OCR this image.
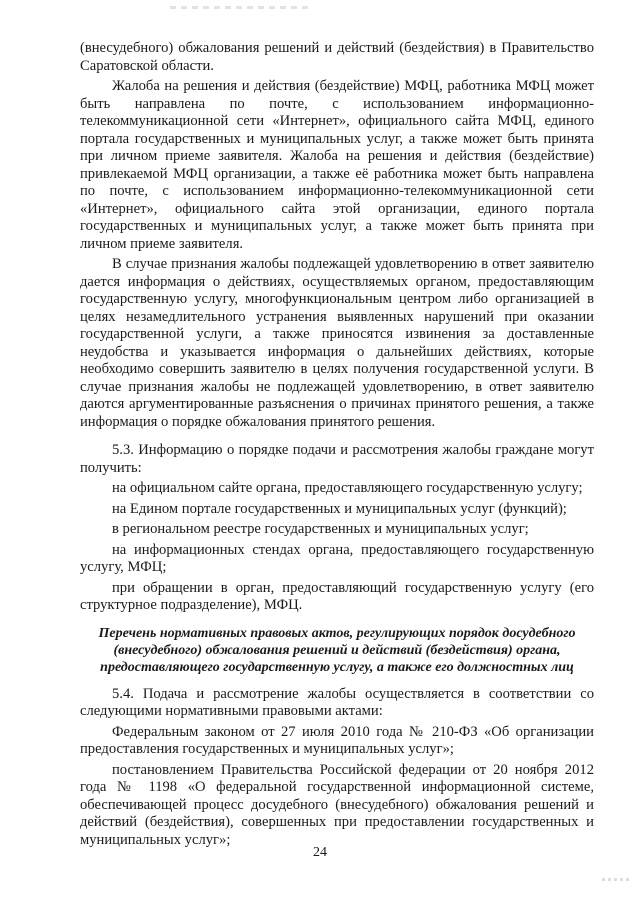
(внесудебного) обжалования решений и действий (бездействия) в Правительство Саратовской области.

Жалоба на решения и действия (бездействие) МФЦ, работника МФЦ может быть направлена по почте, с использованием информационно-телекоммуникационной сети «Интернет», официального сайта МФЦ, единого портала государственных и муниципальных услуг, а также может быть принята при личном приеме заявителя. Жалоба на решения и действия (бездействие) привлекаемой МФЦ организации, а также её работника может быть направлена по почте, с использованием информационно-телекоммуникационной сети «Интернет», официального сайта этой организации, единого портала государственных и муниципальных услуг, а также может быть принята при личном приеме заявителя.

В случае признания жалобы подлежащей удовлетворению в ответ заявителю дается информация о действиях, осуществляемых органом, предоставляющим государственную услугу, многофункциональным центром либо организацией в целях незамедлительного устранения выявленных нарушений при оказании государственной услуги, а также приносятся извинения за доставленные неудобства и указывается информация о дальнейших действиях, которые необходимо совершить заявителю в целях получения государственной услуги. В случае признания жалобы не подлежащей удовлетворению, в ответ заявителю даются аргументированные разъяснения о причинах принятого решения, а также информация о порядке обжалования принятого решения.

5.3. Информацию о порядке подачи и рассмотрения жалобы граждане могут получить:

на официальном сайте органа, предоставляющего государственную услугу;

на Едином портале государственных и муниципальных услуг (функций);

в региональном реестре государственных и муниципальных услуг;

на информационных стендах органа, предоставляющего государственную услугу, МФЦ;

при обращении в орган, предоставляющий государственную услугу (его структурное подразделение), МФЦ.

Перечень нормативных правовых актов, регулирующих порядок досудебного (внесудебного) обжалования решений и действий (бездействия) органа, предоставляющего государственную услугу, а также его должностных лиц

5.4. Подача и рассмотрение жалобы осуществляется в соответствии со следующими нормативными правовыми актами:

Федеральным законом от 27 июля 2010 года № 210-ФЗ «Об организации предоставления государственных и муниципальных услуг»;

постановлением Правительства Российской федерации от 20 ноября 2012 года № 1198 «О федеральной государственной информационной системе, обеспечивающей процесс досудебного (внесудебного) обжалования решений и действий (бездействия), совершенных при предоставлении государственных и муниципальных услуг»;

24
